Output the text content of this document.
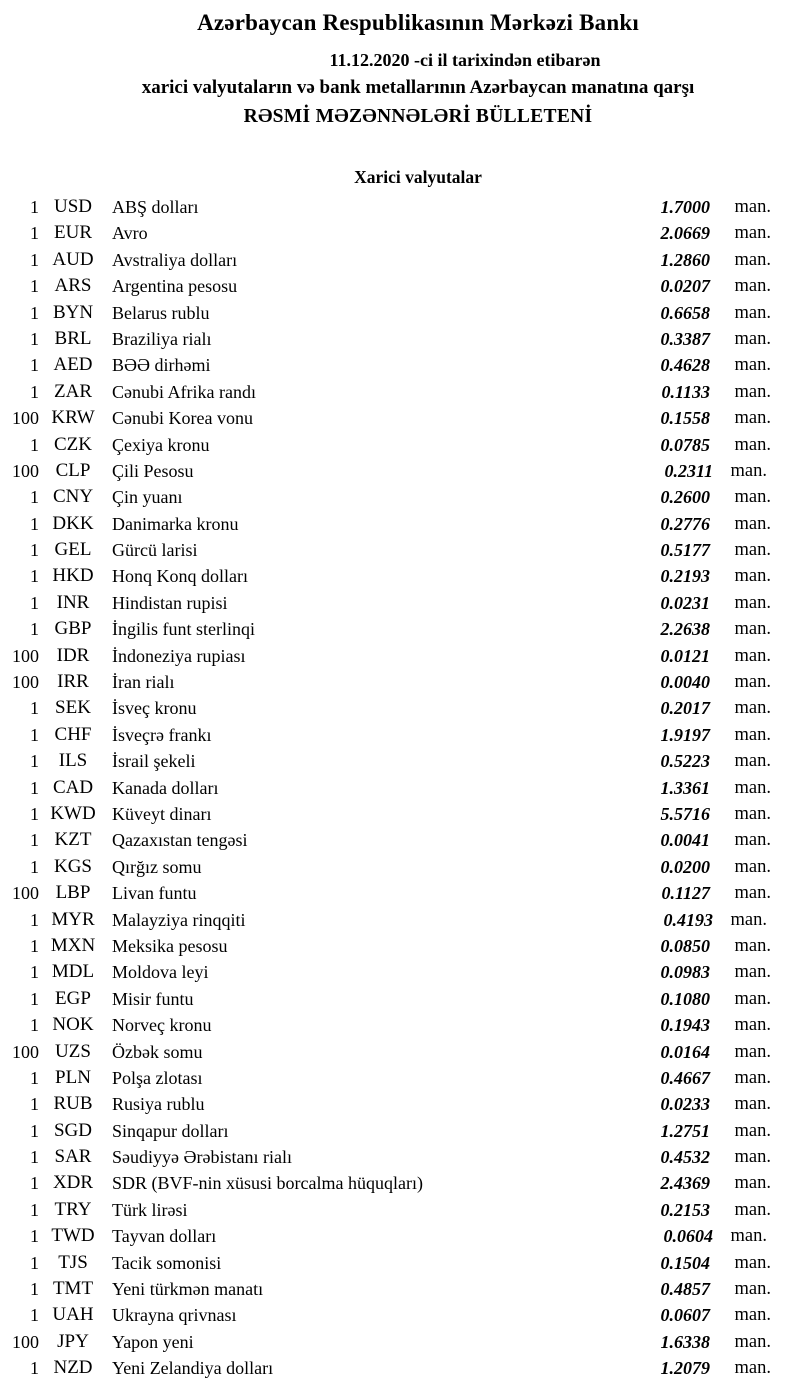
Azərbaycan Respublikasının Mərkəzi Bankı
11.12.2020 -ci il tarixindən etibarən
xarici valyutaların və bank metallarının Azərbaycan manatına qarşı
RƏSMİ MƏZƏNNƏLƏRİ BÜLLETENİ
Xarici valyutalar
1 USD	ABŞ dolları	1.7000	man.
1 EUR	Avro	2.0669	man.
1 AUD	Avstraliya dolları	1.2860	man.
1 ARS	Argentina pesosu	0.0207	man.
1 BYN	Belarus rublu	0.6658	man.
1 BRL	Braziliya rialı	0.3387	man.
1 AED	BƏƏ dirhəmi	0.4628	man.
1 ZAR	Cənubi Afrika randı	0.1133	man.
100 KRW Cənubi Korea vonu	0.1558	man.
1 CZK	Çexiya kronu	0.0785	man.
100 CLP	Çili Pesosu	0.2311 man.
1 CNY	Çin yuanı	0.2600	man.
1 DKK	Danimarka kronu	0.2776	man.
1 GEL	Gürcü larisi	0.5177	man.
1 HKD	Honq Konq dolları	0.2193	man.
1 INR	Hindistan rupisi	0.0231	man.
1 GBP	İngilis funt sterlinqi	2.2638	man.
100 IDR	İndoneziya rupiası	0.0121	man.
100 IRR	İran rialı	0.0040	man.
1 SEK	İsveç kronu	0.2017	man.
1 CHF	İsveçrə frankı	1.9197	man.
1	ILS	İsrail şekeli	0.5223	man.
1 CAD	Kanada dolları	1.3361	man.
1 KWD Küveyt dinarı	5.5716	man.
1 KZT	Qazaxıstan tengəsi	0.0041	man.
1 KGS	Qırğız somu	0.0200	man.
100 LBP	Livan funtu	0.1127	man.
1 MYR Malayziya rinqqiti	0.4193 man.
1 MXN Meksika pesosu	0.0850	man.
1 MDL Moldova leyi	0.0983	man.
1 EGP	Misir funtu	0.1080	man.
1 NOK	Norveç kronu	0.1943	man.
100 UZS	Özbək somu	0.0164	man.
1 PLN	Polşa zlotası	0.4667	man.
1 RUB	Rusiya rublu	0.0233	man.
1 SGD	Sinqapur dolları	1.2751	man.
1 SAR	Səudiyyə Ərəbistanı rialı	0.4532	man.
1 XDR	SDR (BVF-nin xüsusi borcalma hüquqları)	2.4369	man.
1 TRY	Türk lirəsi	0.2153	man.
1 TWD Tayvan dolları	0.0604 man.
1	TJS	Tacik somonisi	0.1504	man.
1 TMT	Yeni türkmən manatı	0.4857	man.
1 UAH	Ukrayna qrivnası	0.0607	man.
100 JPY	Yapon yeni	1.6338	man.
1 NZD	Yeni Zelandiya dolları	1.2079	man.
